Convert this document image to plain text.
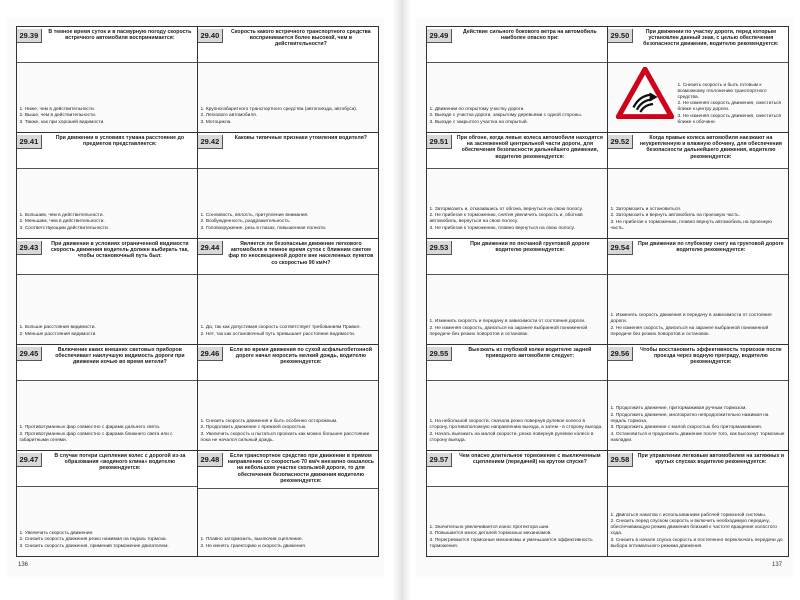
29.39	В темное время суток и в пасмурную погоду скорость встречного автомобиля воспринимается:
1. Ниже, чем в действительности.
2. Выше, чем в действительности.
3. Также, как при хорошей видимости.
29.40	Скорость какого встречного транспортного средства воспринимается более высокой, чем в действительности?
1. Крупногабаритного транспортного средства (автопоезда, автобуса).
2. Легкового автомобиля.
3. Мотоцикла.
29.41	При движении в условиях тумана расстояние до предметов представляется:
1. Большим, чем в действительности.
2. Меньшим, чем в действительности.
3. Соответствующим действительности.
29.42	Каковы типичные признаки утомления водителя?
1. Сонливость, вялость, притупление внимания.
2. Возбужденность, раздражительность.
3. Головокружение, резь в глазах, повышенная полнота.
29.43	При движении в условиях ограниченной видимости скорость движения водитель должен выбирать так, чтобы остановочный путь был:
1. Больше расстояния видимости.
2. Меньше расстояния видимости.
29.44	Является ли безопасным движение легкового автомобиля в темное время суток с ближним светом фар по неосвещенной дороге вне населенных пунктов со скоростью 90 км/ч?
1. Да, так как допустимая скорость соответствует требованиям Правил.
2. Нет, так как остановочный путь превышает расстояние видимости.
29.45	Включение каких внешних световых приборов обеспечивает наилучшую видимость дороги при движении ночью во время метели?
1. Противотуманных фар совместно с фарами дальнего света.
2. Противотуманных фар совместно с фарами ближнего света или с габаритными огнями.
29.46	Если во время движения по сухой асфальтобетонной дороге начал моросить мелкий дождь, водителю рекомендуется:
1. Снизить скорость движения и быть особенно осторожным.
2. Продолжить движение с прежней скоростью.
3. Увеличить скорость и пытаться проехать как можно большее расстояние пока не начался сильный дождь.
29.47	В случае потери сцепления колес с дорогой из-за образования «водяного клина» водителю рекомендуется:
1. Увеличить скорость движения.
2. Снизить скорость движения резко нажимая на педаль тормоза.
3. Снизить скорость движения, применив торможение двигателем.
29.48	Если транспортное средство при движении в прямом направлении со скоростью 70 км/ч внезапно оказалось на небольшом участке скользкой дороги, то для обеспечения безопасности движения водителю рекомендуется:
1. Плавно затормозить, выключив сцепление.
2. Не менять траекторию и скорость движения.
136
29.49	Действие сильного бокового ветра на автомобиль наиболее опасно при:
1. Движении по открытому участку дороги.
2. Выезде с участка дороги, закрытому деревьями с одной стороны.
3. Выезде с закрытого участка на открытый.
29.50	При движении по участку дороги, перед которым установлен данный знак, с целью обеспечения безопасности движения, водителю рекомендуется:
1. Снизить скорость и быть готовым к возможному отклонению транспортного средства.
2. Не изменяя скорость движения, сместиться ближе к центру дороги.
3. Не изменяя скорость движения, сместиться ближе к обочине.
29.51	При обгоне, когда левые колеса автомобиля находятся на заснеженной центральной части дороги, для обеспечения безопасности дальнейшего движения, водителю рекомендуется:
1. Затормозить и, отказавшись от обгона, вернуться на свою полосу.
2. Не прибегая к торможению, снятия увеличить скорость и, обогнав автомобиль, вернуться на свою полосу.
3. Не прибегая к торможению, плавно вернуться на свою полосу.
29.52	Когда правые колеса автомобиля наезжают на неукрепленную и влажную обочину, для обеспечения безопасности дальнейшего движения, водителю рекомендуется:
1. Затормозить и остановиться.
2. Затормозить и вернуть автомобиль на проезжую часть.
3. Не прибегая к торможению, плавно вернуть автомобиль на проезжую часть.
29.53	При движении по песчаной грунтовой дороге водителю рекомендуется:
1. Изменить скорость и передачу в зависимости от состояния дороги.
2. Не изменяя скорость, двигаться на заранее выбранной пониженной передаче без резких поворотов и остановок.
29.54	При движении по глубокому снегу на грунтовой дороге водителю рекомендуется:
1. Изменять скорость движения и передачу в зависимости от состояния дороги.
2. Не изменяя скорость, двигаться на заранее выбранной пониженной передаче без резких поворотов и остановок.
29.55	Выезжать из глубокой колеи водителю задней приводного автомобиля следует:
1. На небольшой скорости, сначала резко повернув рулевое колесо в сторону, противоположную направлению выезда, а затем - в сторону выезда.
2. Начать выезжать на малой скорости, резко повернув рулевое колесо в сторону выезда.
29.56	Чтобы восстановить эффективность тормозов после проезда через водную преграду, водителю рекомендуется:
1. Продолжить движение, притормаживая ручным тормозом.
2. Продолжить движение, многократно непродолжительно нажимая на педаль тормоза.
3. Продолжить движение с малой скоростью без притормаживания.
4. Остановиться и продолжить движение после того, как высохнут тормозные накладки.
29.57	Чем опасно длительное торможение с выключенным сцеплением (передачей) на крутом спуске?
1. Значительно увеличивается износ протектора шин.
2. Повышается износ деталей тормозных механизмов.
3. Перегреваются тормозные механизмы и уменьшается эффективность торможения.
29.58	При управлении легковым автомобилем на затяжных и крутых спусках водителю рекомендуется:
1. Двигаться накатом с использованием рабочей тормозной системы.
2. Снизить перед спуском скорость и включить необходимую передачу, обеспечивающую режим движения близкий к частоте вращения холостого хода.
3. Снизить в начале спуска скорость и постепенно переключать передачи до выбора оптимального режима движения.
137
